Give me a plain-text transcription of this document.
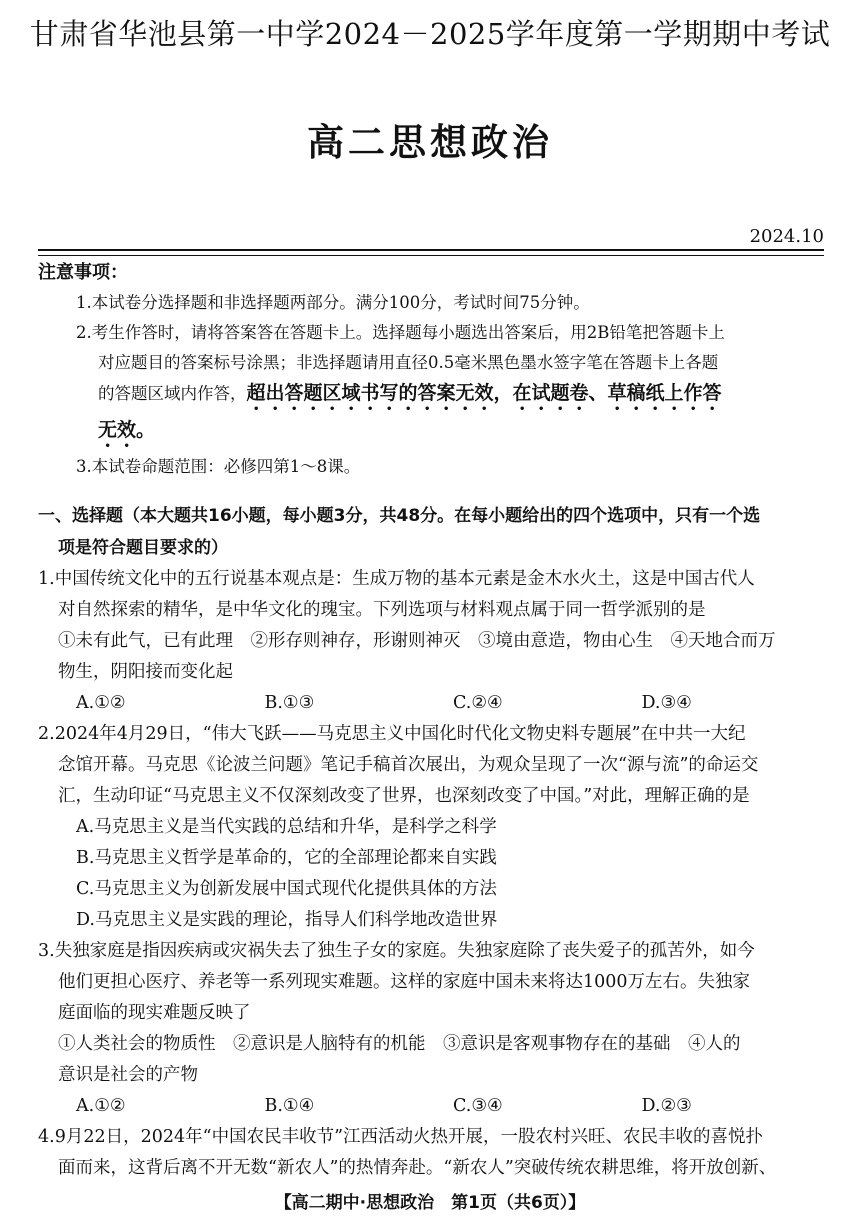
甘肃省华池县第一中学2024－2025学年度第一学期期中考试
高二思想政治
2024.10
注意事项：
1.本试卷分选择题和非选择题两部分。满分100分，考试时间75分钟。
2.考生作答时，请将答案答在答题卡上。选择题每小题选出答案后，用2B铅笔把答题卡上
对应题目的答案标号涂黑；非选择题请用直径0.5毫米黑色墨水签字笔在答题卡上各题
的答题区域内作答，超出答题区域书写的答案无效，在试题卷、草稿纸上作答
无效。
3.本试卷命题范围：必修四第1～8课。
一、选择题（本大题共16小题，每小题3分，共48分。在每小题给出的四个选项中，只有一个选
项是符合题目要求的）
1.中国传统文化中的五行说基本观点是：生成万物的基本元素是金木水火土，这是中国古代人
对自然探索的精华，是中华文化的瑰宝。下列选项与材料观点属于同一哲学派别的是
①未有此气，已有此理　②形存则神存，形谢则神灭　③境由意造，物由心生　④天地合而万
物生，阴阳接而变化起
A.①②	B.①③	C.②④	D.③④
2.2024年4月29日，“伟大飞跃——马克思主义中国化时代化文物史料专题展”在中共一大纪
念馆开幕。马克思《论波兰问题》笔记手稿首次展出，为观众呈现了一次“源与流”的命运交
汇，生动印证“马克思主义不仅深刻改变了世界，也深刻改变了中国。”对此，理解正确的是
A.马克思主义是当代实践的总结和升华，是科学之科学
B.马克思主义哲学是革命的，它的全部理论都来自实践
C.马克思主义为创新发展中国式现代化提供具体的方法
D.马克思主义是实践的理论，指导人们科学地改造世界
3.失独家庭是指因疾病或灾祸失去了独生子女的家庭。失独家庭除了丧失爱子的孤苦外，如今
他们更担心医疗、养老等一系列现实难题。这样的家庭中国未来将达1000万左右。失独家
庭面临的现实难题反映了
①人类社会的物质性　②意识是人脑特有的机能　③意识是客观事物存在的基础　④人的
意识是社会的产物
A.①②	B.①④	C.③④	D.②③
4.9月22日，2024年“中国农民丰收节”江西活动火热开展，一股农村兴旺、农民丰收的喜悦扑
面而来，这背后离不开无数“新农人”的热情奔赴。“新农人”突破传统农耕思维，将开放创新、
【高二期中·思想政治　第1页（共6页）】
